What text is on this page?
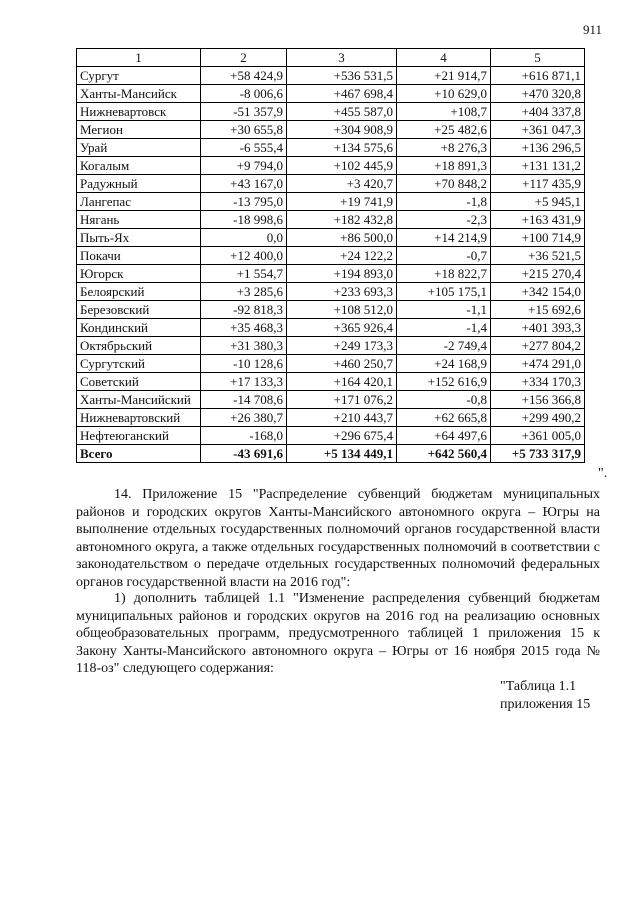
911
1	2	3	4	5
Сургут	+58 424,9	+536 531,5	+21 914,7	+616 871,1
Ханты-Мансийск	-8 006,6	+467 698,4	+10 629,0	+470 320,8
Нижневартовск	-51 357,9	+455 587,0	+108,7	+404 337,8
Мегион	+30 655,8	+304 908,9	+25 482,6	+361 047,3
Урай	-6 555,4	+134 575,6	+8 276,3	+136 296,5
Когалым	+9 794,0	+102 445,9	+18 891,3	+131 131,2
Радужный	+43 167,0	+3 420,7	+70 848,2	+117 435,9
Лангепас	-13 795,0	+19 741,9	-1,8	+5 945,1
Нягань	-18 998,6	+182 432,8	-2,3	+163 431,9
Пыть-Ях	0,0	+86 500,0	+14 214,9	+100 714,9
Покачи	+12 400,0	+24 122,2	-0,7	+36 521,5
Югорск	+1 554,7	+194 893,0	+18 822,7	+215 270,4
Белоярский	+3 285,6	+233 693,3	+105 175,1	+342 154,0
Березовский	-92 818,3	+108 512,0	-1,1	+15 692,6
Кондинский	+35 468,3	+365 926,4	-1,4	+401 393,3
Октябрьский	+31 380,3	+249 173,3	-2 749,4	+277 804,2
Сургутский	-10 128,6	+460 250,7	+24 168,9	+474 291,0
Советский	+17 133,3	+164 420,1	+152 616,9	+334 170,3
Ханты-Мансийский	-14 708,6	+171 076,2	-0,8	+156 366,8
Нижневартовский	+26 380,7	+210 443,7	+62 665,8	+299 490,2
Нефтеюганский	-168,0	+296 675,4	+64 497,6	+361 005,0
Всего	-43 691,6	+5 134 449,1	+642 560,4	+5 733 317,9
".

14. Приложение 15 "Распределение субвенций бюджетам муниципальных районов и городских округов Ханты-Мансийского автономного округа – Югры на выполнение отдельных государственных полномочий органов государственной власти автономного округа, а также отдельных государственных полномочий в соответствии с законодательством о передаче отдельных государственных полномочий федеральных органов государственной власти на 2016 год":

1) дополнить таблицей 1.1 "Изменение распределения субвенций бюджетам муниципальных районов и городских округов на 2016 год на реализацию основных общеобразовательных программ, предусмотренного таблицей 1 приложения 15 к Закону Ханты-Мансийского автономного округа – Югры от 16 ноября 2015 года № 118-оз" следующего содержания:

"Таблица 1.1
приложения 15
